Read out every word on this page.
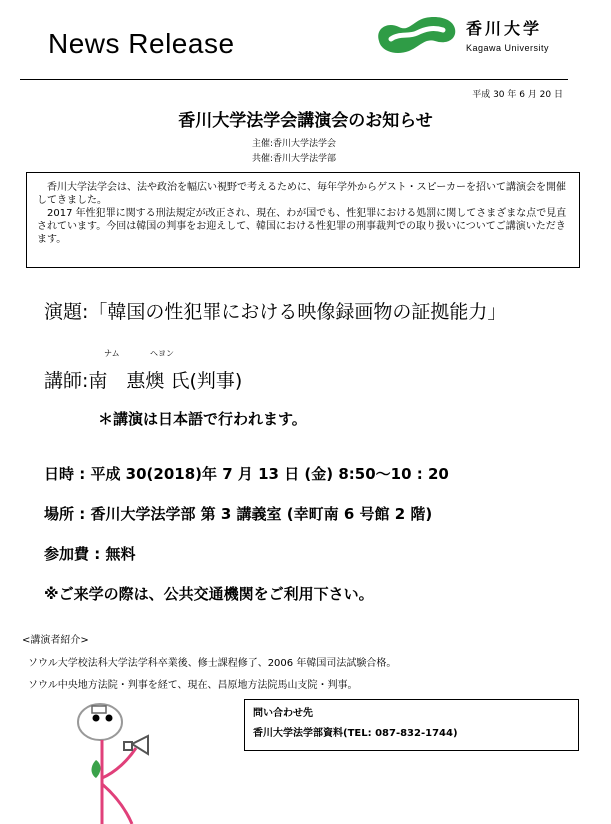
News Release	香川大学
Kagawa University
平成 30 年 6 月 20 日
香川大学法学会講演会のお知らせ
主催:香川大学法学会
共催:香川大学法学部

香川大学法学会は、法や政治を幅広い視野で考えるために、毎年学外からゲスト・スピーカーを招いて講演会を開催してきました。

2017 年性犯罪に関する刑法規定が改正され、現在、わが国でも、性犯罪における処罰に関してさまざまな点で見直されています。今回は韓国の判事をお迎えして、韓国における性犯罪の刑事裁判での取り扱いについてご講演いただきます。

演題:「韓国の性犯罪における映像録画物の証拠能力」
ナム	ヘヨン
講師:南　惠燠 氏(判事)
＊講演は日本語で行われます。
日時 : 平成 30(2018)年 7 月 13 日 (金) 8:50〜10 : 20
場所 : 香川大学法学部 第 3 講義室 (幸町南 6 号館 2 階)
参加費 : 無料
※ご来学の際は、公共交通機関をご利用下さい。
<講演者紹介>
ソウル大学校法科大学法学科卒業後、修士課程修了、2006 年韓国司法試験合格。
ソウル中央地方法院・判事を経て、現在、昌原地方法院馬山支院・判事。
問い合わせ先
香川大学法学部資料(TEL: 087-832-1744)
